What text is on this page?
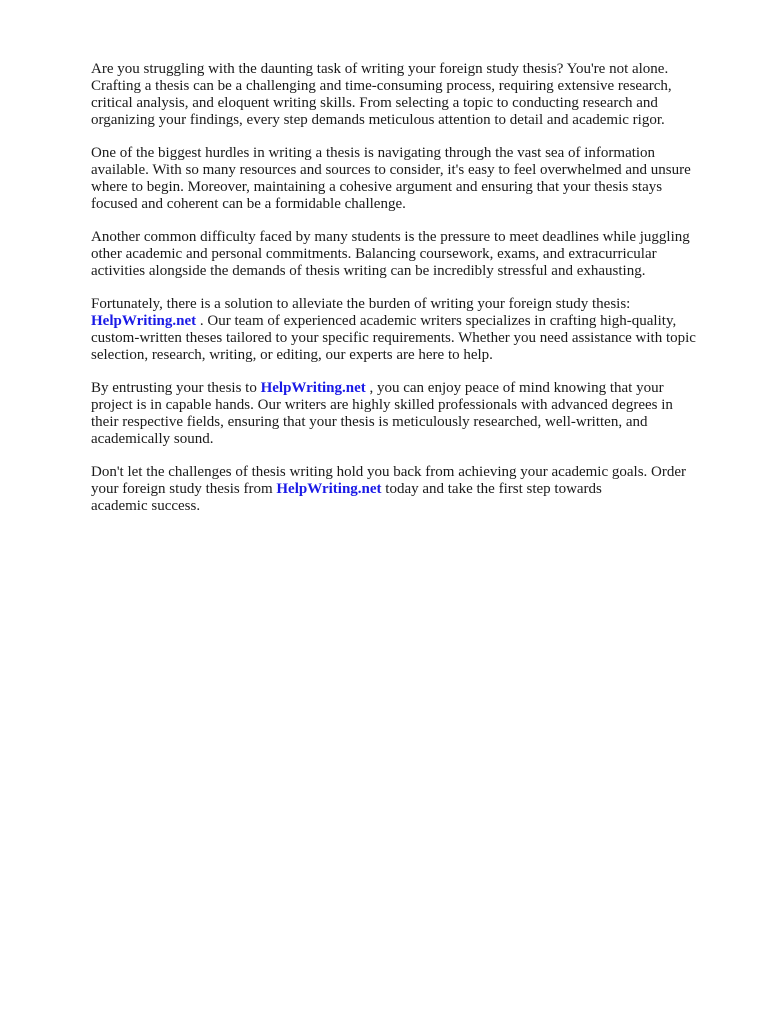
Are you struggling with the daunting task of writing your foreign study thesis? You're not alone.
Crafting a thesis can be a challenging and time-consuming process, requiring extensive research,
critical analysis, and eloquent writing skills. From selecting a topic to conducting research and
organizing your findings, every step demands meticulous attention to detail and academic rigor.

One of the biggest hurdles in writing a thesis is navigating through the vast sea of information
available. With so many resources and sources to consider, it's easy to feel overwhelmed and unsure
where to begin. Moreover, maintaining a cohesive argument and ensuring that your thesis stays
focused and coherent can be a formidable challenge.

Another common difficulty faced by many students is the pressure to meet deadlines while juggling
other academic and personal commitments. Balancing coursework, exams, and extracurricular
activities alongside the demands of thesis writing can be incredibly stressful and exhausting.

Fortunately, there is a solution to alleviate the burden of writing your foreign study thesis:
HelpWriting.net . Our team of experienced academic writers specializes in crafting high-quality,
custom-written theses tailored to your specific requirements. Whether you need assistance with topic
selection, research, writing, or editing, our experts are here to help.

By entrusting your thesis to HelpWriting.net , you can enjoy peace of mind knowing that your
project is in capable hands. Our writers are highly skilled professionals with advanced degrees in
their respective fields, ensuring that your thesis is meticulously researched, well-written, and
academically sound.

Don't let the challenges of thesis writing hold you back from achieving your academic goals. Order
your foreign study thesis from HelpWriting.net today and take the first step towards
academic success.
